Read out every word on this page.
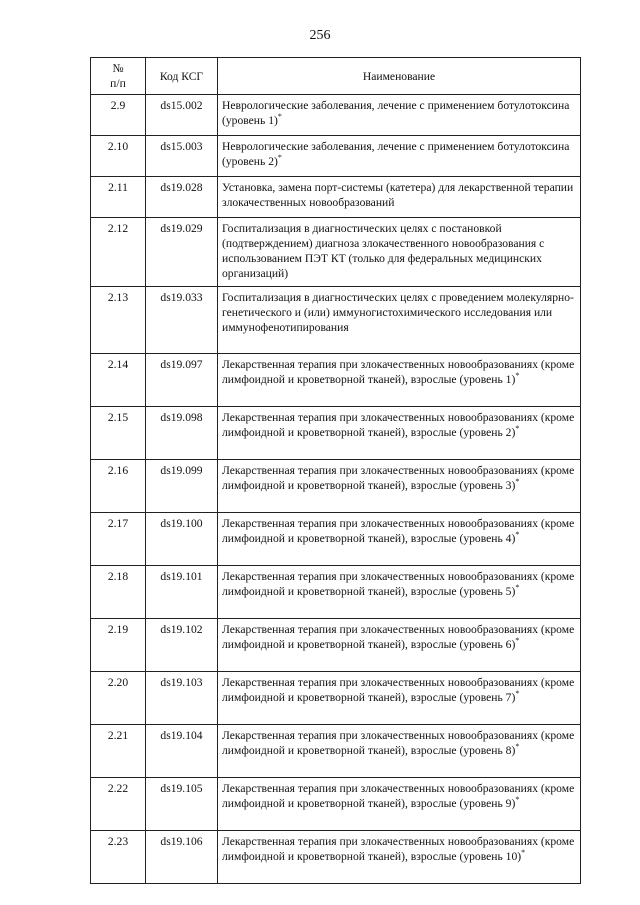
256
№
п/п	Код КСГ	Наименование
2.9	ds15.002	Неврологические заболевания, лечение с применением ботулотоксина (уровень 1)*
2.10	ds15.003	Неврологические заболевания, лечение с применением ботулотоксина (уровень 2)*
2.11	ds19.028	Установка, замена порт-системы (катетера) для лекарственной терапии злокачественных новообразований
2.12	ds19.029	Госпитализация в диагностических целях с постановкой (подтверждением) диагноза злокачественного новообразования с использованием ПЭТ КТ (только для федеральных медицинских организаций)
2.13	ds19.033	Госпитализация в диагностических целях с проведением молекулярно-генетического и (или) иммуногистохимического исследования или иммунофенотипирования
2.14	ds19.097	Лекарственная терапия при злокачественных новообразованиях (кроме лимфоидной и кроветворной тканей), взрослые (уровень 1)*
2.15	ds19.098	Лекарственная терапия при злокачественных новообразованиях (кроме лимфоидной и кроветворной тканей), взрослые (уровень 2)*
2.16	ds19.099	Лекарственная терапия при злокачественных новообразованиях (кроме лимфоидной и кроветворной тканей), взрослые (уровень 3)*
2.17	ds19.100	Лекарственная терапия при злокачественных новообразованиях (кроме лимфоидной и кроветворной тканей), взрослые (уровень 4)*
2.18	ds19.101	Лекарственная терапия при злокачественных новообразованиях (кроме лимфоидной и кроветворной тканей), взрослые (уровень 5)*
2.19	ds19.102	Лекарственная терапия при злокачественных новообразованиях (кроме лимфоидной и кроветворной тканей), взрослые (уровень 6)*
2.20	ds19.103	Лекарственная терапия при злокачественных новообразованиях (кроме лимфоидной и кроветворной тканей), взрослые (уровень 7)*
2.21	ds19.104	Лекарственная терапия при злокачественных новообразованиях (кроме лимфоидной и кроветворной тканей), взрослые (уровень 8)*
2.22	ds19.105	Лекарственная терапия при злокачественных новообразованиях (кроме лимфоидной и кроветворной тканей), взрослые (уровень 9)*
2.23	ds19.106	Лекарственная терапия при злокачественных новообразованиях (кроме лимфоидной и кроветворной тканей), взрослые (уровень 10)*
